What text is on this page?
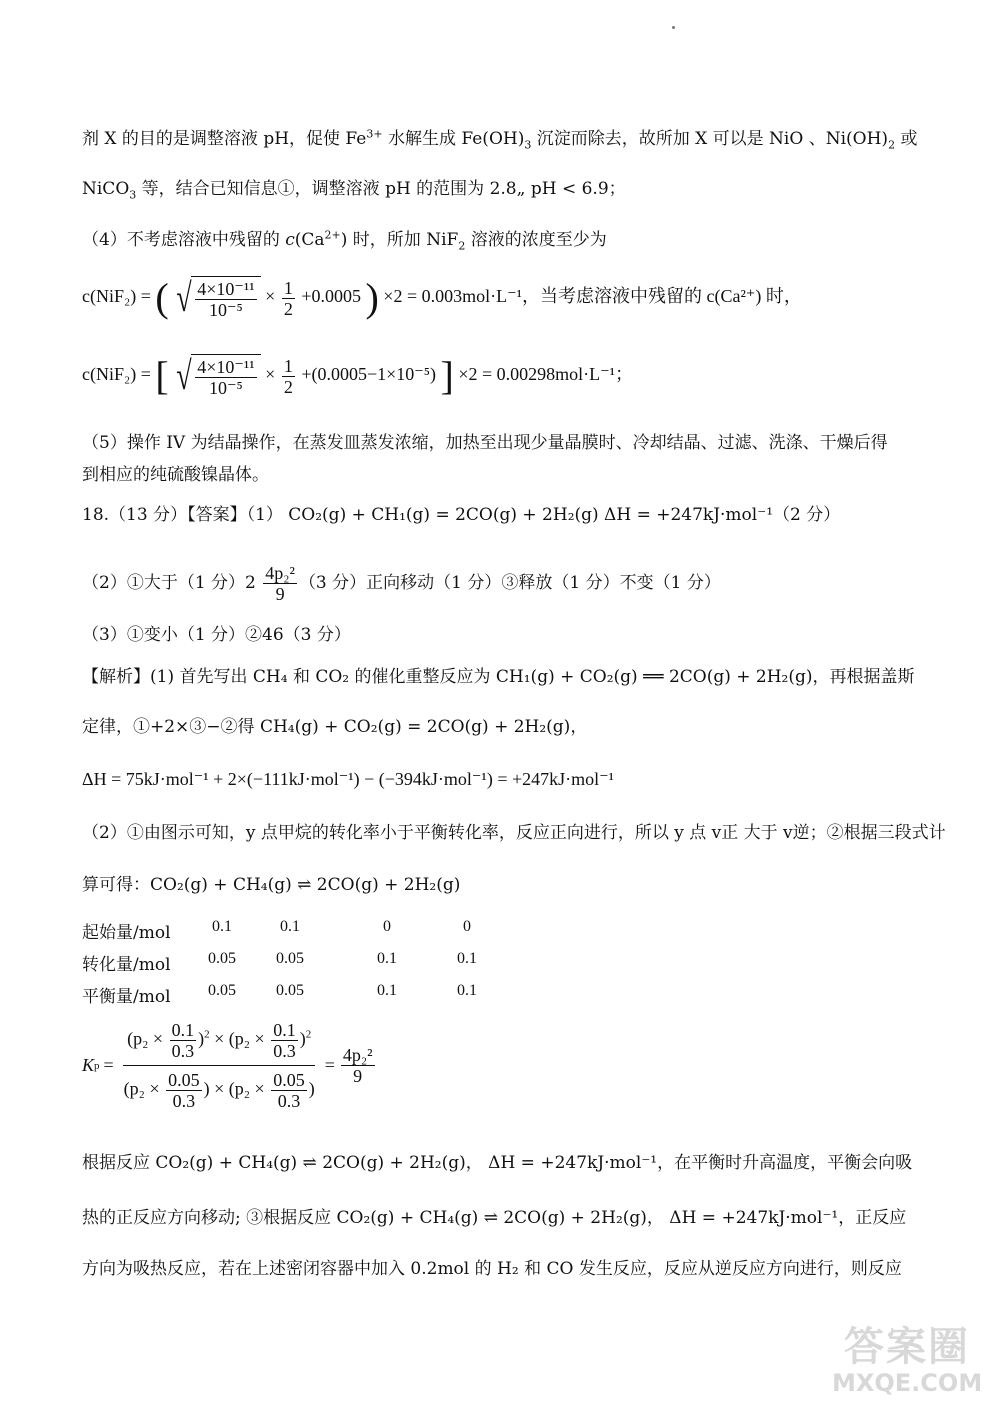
剂 X 的目的是调整溶液 pH，促使 $Fe^{3+}$ 水解生成 $Fe(OH)_3$ 沉淀而除去，故所加 X 可以是 NiO 、$Ni(OH)_2$ 或
NiCO$_3$ 等，结合已知信息①，调整溶液 pH 的范围为 2.8„ pH < 6.9；
（4）不考虑溶液中残留的 $c(Ca^{2+})$ 时，所加 NiF$_2$ 溶液的浓度至少为
c(NiF₂) = ( √ $\frac{\text{4×10⁻¹¹}}{\text{10⁻⁵}} \times \frac{1}{2} +0.0005$ ) ×2 = 0.003mol·L⁻¹，当考虑溶液中残留的 c(Ca²⁺) 时，
c(NiF₂) = [ √ $\frac{\text{4×10⁻¹¹}}{\text{10⁻⁵}} \times \frac{1}{2} +(0.0005-1\times 10^{-5})$ ] ×2 = 0.00298mol·L⁻¹；
（5）操作 IV 为结晶操作，在蒸发皿蒸发浓缩，加热至出现少量晶膜时、冷却结晶、过滤、洗涤、干燥后得
到相应的纯硫酸镍晶体。
18.（13 分）【答案】（1） CO₂(g) + CH₁(g) = 2CO(g) + 2H₂(g) ΔH = +247kJ·mol⁻¹（2 分）
（2）①大于（1 分）$2 \frac{\text{4p₂²}}{9} (3$ 分）正向移动（1 分）③释放（1 分）不变（1 分）
（3）①变小（1 分）②46（3 分）
【解析】(1) 首先写出 CH₄ 和 CO₂ 的催化重整反应为 CH₁(g) + CO₂(g) ══ 2CO(g) + 2H₂(g)，再根据盖斯
定律，①+2×③−②得 CH₄(g) + CO₂(g) = 2CO(g) + 2H₂(g)，
ΔH = 75kJ·mol⁻¹ + 2×(−111kJ·mol⁻¹) − (−394kJ·mol⁻¹) = +247kJ·mol⁻¹
（2）①由图示可知，y 点甲烷的转化率小于平衡转化率，反应正向进行，所以 y 点 v正 大于 v逆；②根据三段式计
算可得：CO₂(g) + CH₄(g) ⇌ 2CO(g) + 2H₂(g)
起始量/mol	0.1	0.1	0	0
转化量/mol	0.05	0.05	0.1	0.1
平衡量/mol	0.05	0.05	0.1	0.1
K $p = \frac{(p_2 \times \frac{0.1}{0.3} )^2 \times (p_2 \times \frac{0.1}{0.3} )^2}{(p_2 \times \frac{0.05}{0.3} ) \times (p_2 \times \frac{0.05}{0.3} )} = \frac{\text{4p₂²}}{9}$
根据反应 CO₂(g) + CH₄(g) ⇌ 2CO(g) + 2H₂(g)， ΔH = +247kJ·mol⁻¹，在平衡时升高温度，平衡会向吸
热的正反应方向移动; ③根据反应 CO₂(g) + CH₄(g) ⇌ 2CO(g) + 2H₂(g)， ΔH = +247kJ·mol⁻¹，正反应
方向为吸热反应，若在上述密闭容器中加入 0.2mol 的 H₂ 和 CO 发生反应，反应从逆反应方向进行，则反应
答案圈
MXQE.COM
